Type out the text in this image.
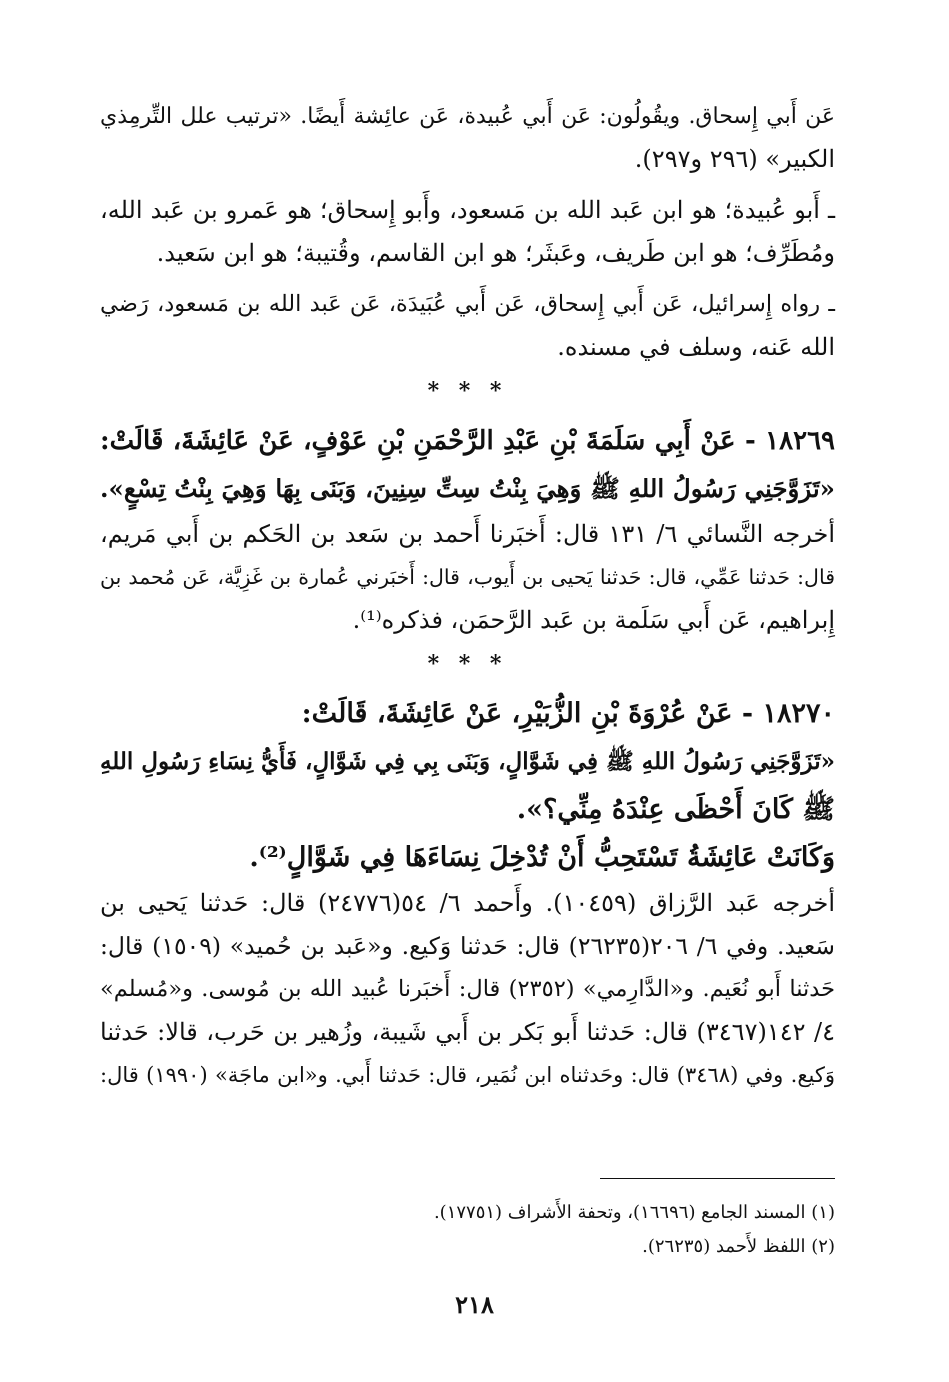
عَن أَبي إِسحاق. ويقُولُون: عَن أَبي عُبيدة، عَن عائِشة أَيضًا. «ترتيب علل التِّرمِذي
الكبير» (٢٩٦ و٢٩٧).
ـ أَبو عُبيدة؛ هو ابن عَبد الله بن مَسعود، وأَبو إِسحاق؛ هو عَمرو بن عَبد الله،
ومُطَرِّف؛ هو ابن طَريف، وعَبثَر؛ هو ابن القاسم، وقُتيبة؛ هو ابن سَعيد.
ـ رواه إِسرائيل، عَن أَبي إِسحاق، عَن أَبي عُبَيدَة، عَن عَبد الله بن مَسعود، رَضي
الله عَنه، وسلف في مسنده.
* * *
١٨٢٦٩ - عَنْ أَبِي سَلَمَةَ بْنِ عَبْدِ الرَّحْمَنِ بْنِ عَوْفٍ، عَنْ عَائِشَةَ، قَالَتْ:
«تَزَوَّجَنِي رَسُولُ اللهِ ﷺ وَهِيَ بِنْتُ سِتِّ سِنِينَ، وَبَنَى بِهَا وَهِيَ بِنْتُ تِسْعٍ».
أخرجه النَّسائي ٦/ ١٣١ قال: أَخبَرنا أَحمد بن سَعد بن الحَكم بن أَبي مَريم،
قال: حَدثنا عَمِّي، قال: حَدثنا يَحيى بن أَيوب، قال: أَخبَرني عُمارة بن غَزِيَّة، عَن مُحمد بن
إِبراهيم، عَن أَبي سَلَمة بن عَبد الرَّحمَن، فذكره⁽¹⁾.
* * *
١٨٢٧٠ - عَنْ عُرْوَةَ بْنِ الزُّبَيْرِ، عَنْ عَائِشَةَ، قَالَتْ:
«تَزَوَّجَنِي رَسُولُ اللهِ ﷺ فِي شَوَّالٍ، وَبَنَى بِي فِي شَوَّالٍ، فَأَيُّ نِسَاءِ رَسُولِ اللهِ
ﷺ كَانَ أَحْظَى عِنْدَهُ مِنِّي؟».
وَكَانَتْ عَائِشَةُ تَسْتَحِبُّ أَنْ تُدْخِلَ نِسَاءَهَا فِي شَوَّالٍ⁽²⁾.
أخرجه عَبد الرَّزاق (١٠٤٥٩). وأَحمد ٦/ ٥٤(٢٤٧٧٦) قال: حَدثنا يَحيى بن
سَعيد. وفي ٦/ ٢٠٦(٢٦٢٣٥) قال: حَدثنا وَكيع. و«عَبد بن حُميد» (١٥٠٩) قال:
حَدثنا أَبو نُعَيم. و«الدَّارِمي» (٢٣٥٢) قال: أَخبَرنا عُبيد الله بن مُوسى. و«مُسلم»
٤/ ١٤٢(٣٤٦٧) قال: حَدثنا أَبو بَكر بن أَبي شَيبة، وزُهير بن حَرب، قالا: حَدثنا
وَكيع. وفي (٣٤٦٨) قال: وحَدثناه ابن نُمَير، قال: حَدثنا أَبي. و«ابن ماجَة» (١٩٩٠) قال:
(١) المسند الجامع (١٦٦٩٦)، وتحفة الأَشراف (١٧٧٥١).
(٢) اللفظ لأَحمد (٢٦٢٣٥).
٢١٨
